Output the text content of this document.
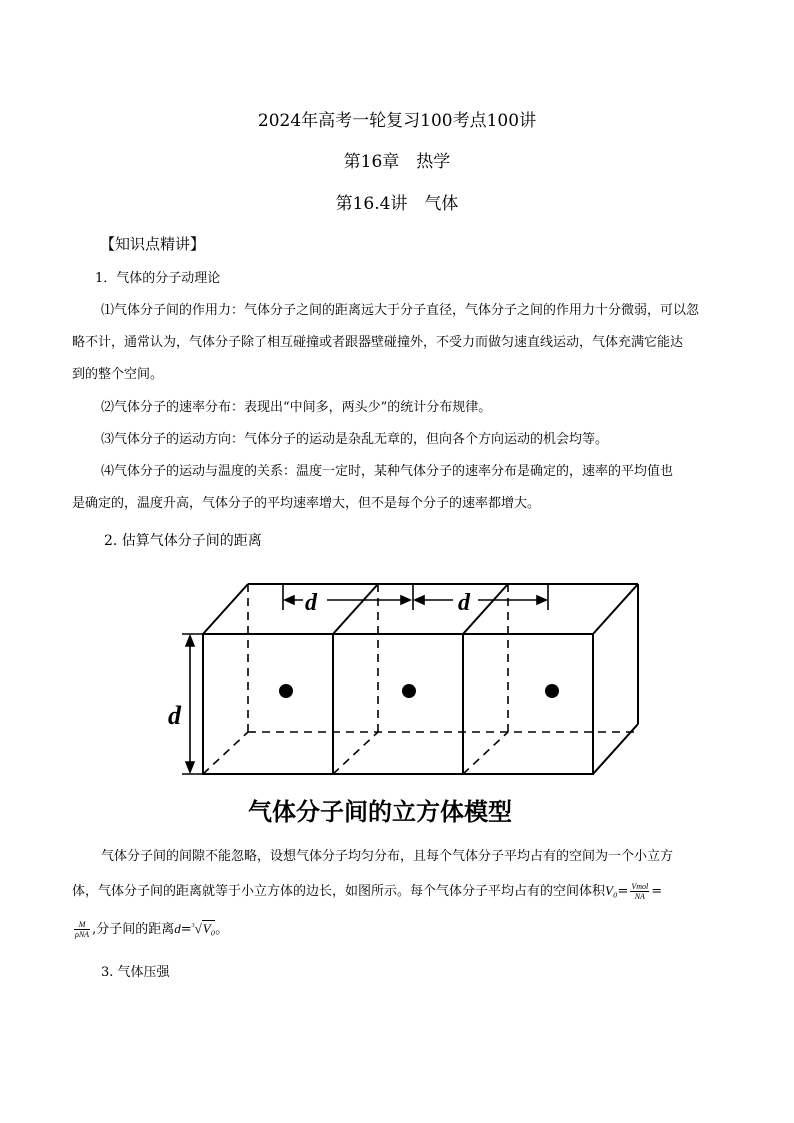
2024年高考一轮复习100考点100讲
第16章　热学
第16.4讲　气体
【知识点精讲】
1．气体的分子动理论
⑴气体分子间的作用力：气体分子之间的距离远大于分子直径，气体分子之间的作用力十分微弱，可以忽
略不计，通常认为，气体分子除了相互碰撞或者跟器壁碰撞外，不受力而做匀速直线运动，气体充满它能达
到的整个空间。
⑵气体分子的速率分布：表现出“中间多，两头少”的统计分布规律。
⑶气体分子的运动方向：气体分子的运动是杂乱无章的，但向各个方向运动的机会均等。
⑷气体分子的运动与温度的关系：温度一定时，某种气体分子的速率分布是确定的，速率的平均值也
是确定的，温度升高，气体分子的平均速率增大，但不是每个分子的速率都增大。
2. 估算气体分子间的距离
d	d
d
气体分子间的立方体模型
气体分子间的间隙不能忽略，设想气体分子均匀分布，且每个气体分子平均占有的空间为一个小立方
体，气体分子间的距离就等于小立方体的边长，如图所示。每个气体分子平均占有的空间体积$V_0= \frac{\text{Vmol}}{NA}$ =
$\frac{M}{\text{ρNA}}$ ,分子间的距离d=$^3$√V₀。
3. 气体压强
